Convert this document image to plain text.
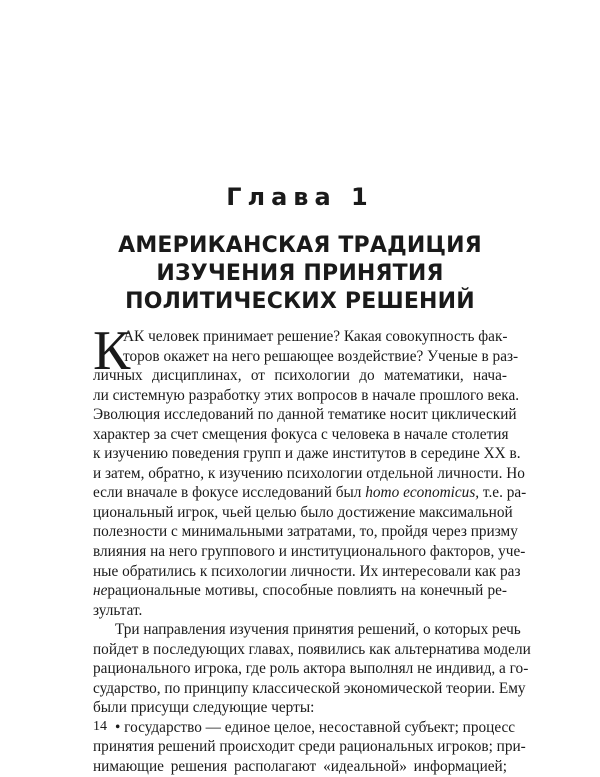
Глава 1
АМЕРИКАНСКАЯ ТРАДИЦИЯ
ИЗУЧЕНИЯ ПРИНЯТИЯ
ПОЛИТИЧЕСКИХ РЕШЕНИЙ
К
АК человек принимает решение? Какая совокупность фак-
торов окажет на него решающее воздействие? Ученые в раз-
личных дисциплинах, от психологии до математики, нача-
ли системную разработку этих вопросов в начале прошлого века.
Эволюция исследований по данной тематике носит циклический
характер за счет смещения фокуса с человека в начале столетия
к изучению поведения групп и даже институтов в середине XX в.
и затем, обратно, к изучению психологии отдельной личности. Но
если вначале в фокусе исследований был homo economicus, т.е. ра-
циональный игрок, чьей целью было достижение максимальной
полезности с минимальными затратами, то, пройдя через призму
влияния на него группового и институционального факторов, уче-
ные обратились к психологии личности. Их интересовали как раз
нерациональные мотивы, способные повлиять на конечный ре-
зультат.
Три направления изучения принятия решений, о которых речь
пойдет в последующих главах, появились как альтернатива модели
рационального игрока, где роль актора выполнял не индивид, а го-
сударство, по принципу классической экономической теории. Ему
были присущи следующие черты:
• государство — единое целое, несоставной субъект; процесс
принятия решений происходит среди рациональных игроков; при-
нимающие решения располагают «идеальной» информацией;
14
